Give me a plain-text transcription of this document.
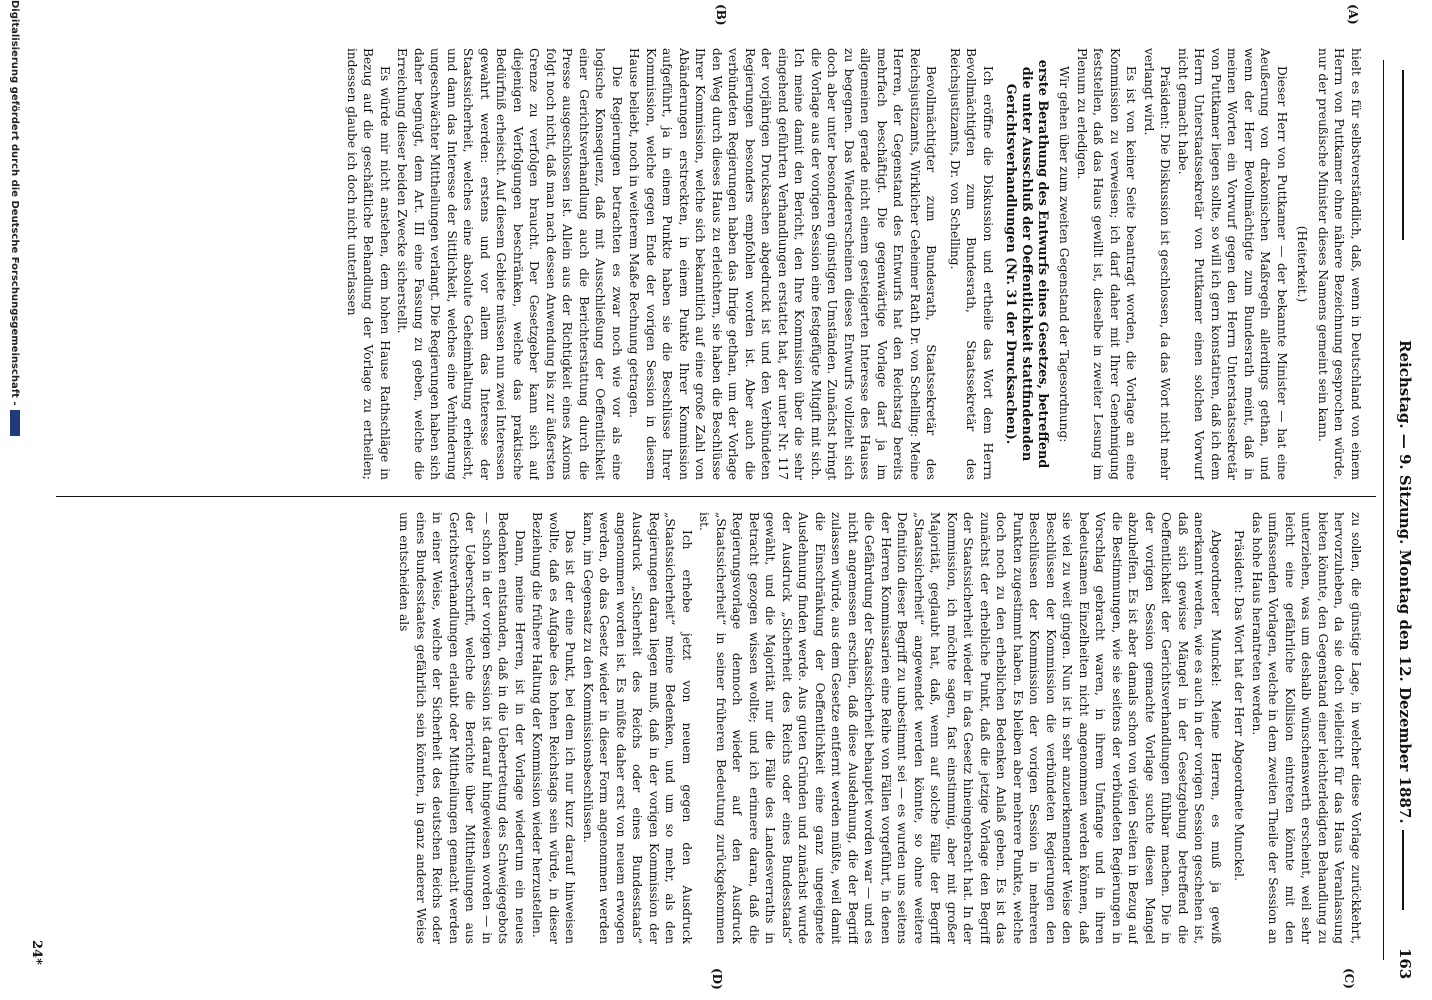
Reichstag. — 9. Sitzung. Montag den 12. Dezember 1887.
163
(A)
(B)
(C)
(D)

hielt es für selbstverständlich, daß, wenn in Deutschland von einem Herrn von Puttkamer ohne nähere Bezeichnung gesprochen würde, nur der preußische Minister dieses Namens gemeint sein kann.

(Heiterkeit.)

Dieser Herr von Puttkamer — der bekannte Minister — hat eine Aeußerung von drakonischen Maßregeln allerdings gethan, und wenn der Herr Bevollmächtigte zum Bundesrath meint, daß in meinen Worten ein Vorwurf gegen den Herrn Unterstaatssekretär von Puttkamer liegen sollte, so will ich gern konstatiren, daß ich dem Herrn Unterstaatssekretär von Puttkamer einen solchen Vorwurf nicht gemacht habe.

Präsident: Die Diskussion ist geschlossen, da das Wort nicht mehr verlangt wird.

Es ist von keiner Seite beantragt worden, die Vorlage an eine Kommission zu verweisen; ich darf daher mit Ihrer Genehmigung feststellen, daß das Haus gewillt ist, dieselbe in zweiter Lesung im Plenum zu erledigen.

Wir gehen über zum zweiten Gegenstand der Tagesordnung:

erste Berathung des Entwurfs eines Gesetzes, betreffend die unter Ausschluß der Oeffentlichkeit stattfindenden Gerichtsverhandlungen (Nr. 31 der Drucksachen).

Ich eröffne die Diskussion und ertheile das Wort dem Herrn Bevollmächtigten zum Bundesrath, Staatssekretär des Reichsjustizamts, Dr. von Schelling.

Bevollmächtigter zum Bundesrath, Staatssekretär des Reichsjustizamts, Wirklicher Geheimer Rath Dr. von Schelling: Meine Herren, der Gegenstand des Entwurfs hat den Reichstag bereits mehrfach beschäftigt. Die gegenwärtige Vorlage darf ja im allgemeinen gerade nicht einem gesteigerten Interesse des Hauses zu begegnen. Das Wiedererscheinen dieses Entwurfs vollzieht sich doch aber unter besonderen günstigen Umständen. Zunächst bringt die Vorlage aus der vorigen Session eine festgefügte Mitgift mit sich. Ich meine damit den Bericht, den Ihre Kommission über die sehr eingehend geführten Verhandlungen erstattet hat, der unter Nr. 117 der vorjährigen Drucksachen abgedruckt ist und den Verbündeten Regierungen besonders empfohlen worden ist. Aber auch die verbündeten Regierungen haben das Ihrige gethan, um der Vorlage den Weg durch dieses Haus zu erleichtern, sie haben die Beschlüsse Ihrer Kommission, welche sich bekanntlich auf eine große Zahl von Abänderungen erstreckten, in einem Punkte Ihrer Kommission aufgeführt, ja in einem Punkte haben sie die Beschlüsse Ihrer Kommission, welche gegen Ende der vorigen Session in diesem Hause beliebt, noch in weiterem Maße Rechnung getragen.

Die Regierungen betrachten es zwar noch wie vor als eine logische Konsequenz, daß mit Ausschließung der Oeffentlichkeit einer Gerichtsverhandlung auch die Berichterstattung durch die Presse ausgeschlossen ist. Allein aus der Richtigkeit eines Axioms folgt noch nicht, daß man nach dessen Anwendung bis zur äußersten Grenze zu verfolgen braucht. Der Gesetzgeber kann sich auf diejenigen Verfolgungen beschränken, welche das praktische Bedürfniß erheischt. Auf diesem Gebiete müssen nun zwei Interessen gewahrt werden: erstens und vor allem das Interesse der Staatssicherheit, welches eine absolute Geheimhaltung erheischt, und dann das Interesse der Sittlichkeit, welches eine Verhinderung ungeschwächter Mittheilungen verlangt. Die Regierungen haben sich daher begnügt, dem Art. III eine Fassung zu geben, welche die Erreichung dieser beiden Zwecke sicherstellt.

Es würde mir nicht anstehen, dem hohen Hause Rathschläge in Bezug auf die geschäftliche Behandlung der Vorlage zu ertheilen; indessen glaube ich doch nicht unterlassen

zu sollen, die günstige Lage, in welcher diese Vorlage zurückkehrt, hervorzuheben, da sie doch vielleicht für das Haus Veranlassung bieten könnte, den Gegenstand einer leichterledigten Behandlung zu unterziehen, was um deshalb wünschenswerth erscheint, weil sehr leicht eine gefährliche Kollision eintreten könnte mit den umfassenden Vorlagen, welche in dem zweiten Theile der Session an das hohe Haus herantreten werden.

Präsident: Das Wort hat der Herr Abgeordnete Munckel.

Abgeordneter Munckel: Meine Herren, es muß ja gewiß anerkannt werden, wie es auch in der vorigen Session geschehen ist, daß sich gewisse Mängel in der Gesetzgebung betreffend die Oeffentlichkeit der Gerichtsverhandlungen fühlbar machen. Die in der vorigen Session gemachte Vorlage suchte diesen Mangel abzuhelfen. Es ist aber damals schon von vielen Seiten in Bezug auf die Bestimmungen, wie sie seitens der verbündeten Regierungen in Vorschlag gebracht waren, in ihrem Umfange und in ihren bedeutsamen Einzelheiten nicht angenommen werden können, daß sie viel zu weit gingen. Nun ist in sehr anzuerkennender Weise den Beschlüssen der Kommission die verbündeten Regierungen den Beschlüssen der Kommission der vorigen Session in mehreren Punkten zugestimmt haben. Es bleiben aber mehrere Punkte, welche doch noch zu den erheblichen Bedenken Anlaß geben. Es ist das zunächst der erhebliche Punkt, daß die jetzige Vorlage den Begriff der Staatssicherheit wieder in das Gesetz hineingebracht hat. In der Kommission, ich möchte sagen, fast einstimmig, aber mit großer Majorität, geglaubt hat, daß, wenn auf solche Fälle der Begriff „Staatssicherheit“ angewendet werden könnte, so ohne weitere Definition dieser Begriff zu unbestimmt sei — es wurden uns seitens der Herren Kommissarien eine Reihe von Fällen vorgeführt, in denen die Gefährdung der Staatssicherheit behauptet worden war — und es nicht angemessen erschien, daß diese Ausdehnung, die der Begriff zulassen würde, aus dem Gesetze entfernt werden müßte, weil damit die Einschränkung der Oeffentlichkeit eine ganz ungeeignete Ausdehnung finden werde. Aus guten Gründen und zunächst wurde der Ausdruck „Sicherheit des Reichs oder eines Bundesstaats“ gewählt, und die Majorität nur die Fälle des Landesverraths in Betracht gezogen wissen wollte; und ich erinnere daran, daß die Regierungsvorlage dennoch wieder auf den Ausdruck „Staatssicherheit“ in seiner früheren Bedeutung zurückgekommen ist.

Ich erhebe jetzt von neuem gegen den Ausdruck „Staatssicherheit“ meine Bedenken, und um so mehr, als den Regierungen daran liegen muß, daß in der vorigen Kommission der Ausdruck „Sicherheit des Reichs oder eines Bundesstaats“ angenommen worden ist. Es müßte daher erst von neuem erwogen werden, ob das Gesetz wieder in dieser Form angenommen werden kann, im Gegensatz zu den Kommissionsbeschlüssen.

Das ist der eine Punkt, bei dem ich nur kurz darauf hinweisen wollte, daß es Aufgabe des hohen Reichstags sein würde, in dieser Beziehung die frühere Haltung der Kommission wieder herzustellen.

Dann, meine Herren, ist in der Vorlage wiederum ein neues Bedenken entstanden, daß in die Uebertretung des Schweigegebots — schon in der vorigen Session ist darauf hingewiesen worden — in der Ueberschrift, welche die Berichte über Mittheilungen aus Gerichtsverhandlungen erlaubt oder Mittheilungen gemacht werden in einer Weise, welche der Sicherheit des deutschen Reichs oder eines Bundesstaates gefährlich sein könnten, in ganz anderer Weise um entscheiden als

24*
Digitalisierung gefördert durch die Deutsche Forschungsgemeinschaft -
